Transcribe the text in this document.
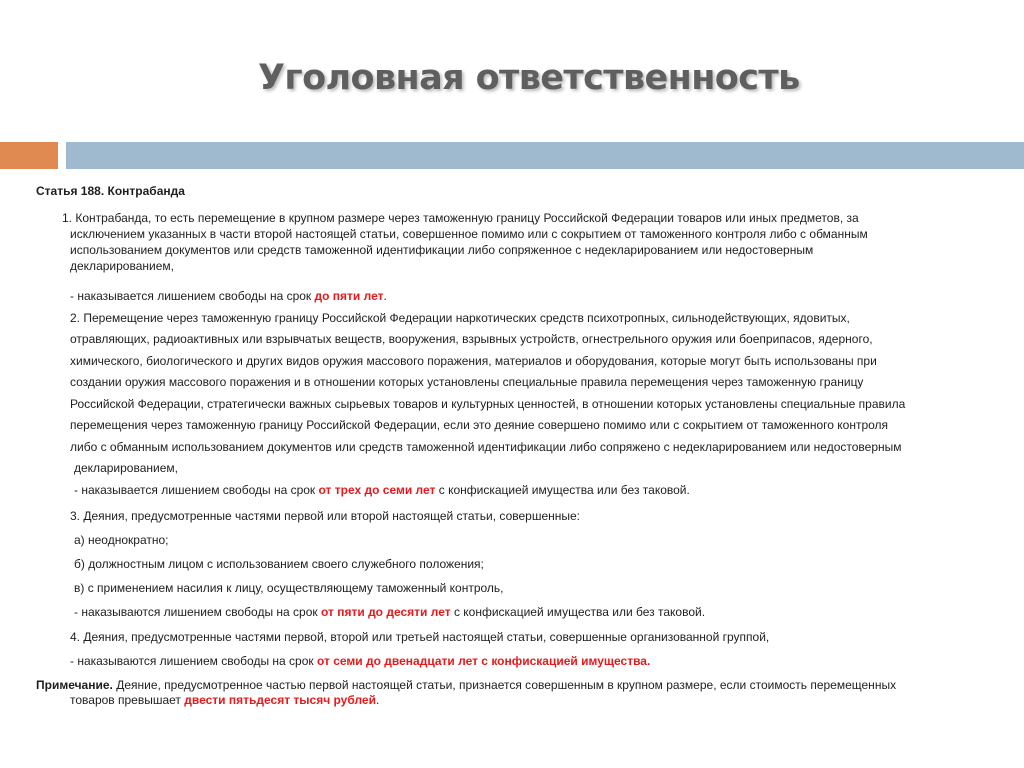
Уголовная ответственность

Статья 188. Контрабанда

1. Контрабанда, то есть перемещение в крупном размере через таможенную границу Российской Федерации товаров или иных предметов, за

исключением указанных в части второй настоящей статьи, совершенное помимо или с сокрытием от таможенного контроля либо с обманным

использованием документов или средств таможенной идентификации либо сопряженное с недекларированием или недостоверным

декларированием,

- наказывается лишением свободы на срок до пяти лет.

2. Перемещение через таможенную границу Российской Федерации наркотических средств психотропных, сильнодействующих, ядовитых,

отравляющих, радиоактивных или взрывчатых веществ, вооружения, взрывных устройств, огнестрельного оружия или боеприпасов, ядерного,

химического, биологического и других видов оружия массового поражения, материалов и оборудования, которые могут быть использованы при

создании оружия массового поражения и в отношении которых установлены специальные правила перемещения через таможенную границу

Российской Федерации, стратегически важных сырьевых товаров и культурных ценностей, в отношении которых установлены специальные правила

перемещения через таможенную границу Российской Федерации, если это деяние совершено помимо или с сокрытием от таможенного контроля

либо с обманным использованием документов или средств таможенной идентификации либо сопряжено с недекларированием или недостоверным

декларированием,

- наказывается лишением свободы на срок от трех до семи лет с конфискацией имущества или без таковой.

3. Деяния, предусмотренные частями первой или второй настоящей статьи, совершенные:

а) неоднократно;

б) должностным лицом с использованием своего служебного положения;

в) с применением насилия к лицу, осуществляющему таможенный контроль,

- наказываются лишением свободы на срок от пяти до десяти лет с конфискацией имущества или без таковой.

4. Деяния, предусмотренные частями первой, второй или третьей настоящей статьи, совершенные организованной группой,

- наказываются лишением свободы на срок от семи до двенадцати лет с конфискацией имущества.

Примечание. Деяние, предусмотренное частью первой настоящей статьи, признается совершенным в крупном размере, если стоимость перемещенных

товаров превышает двести пятьдесят тысяч рублей.
